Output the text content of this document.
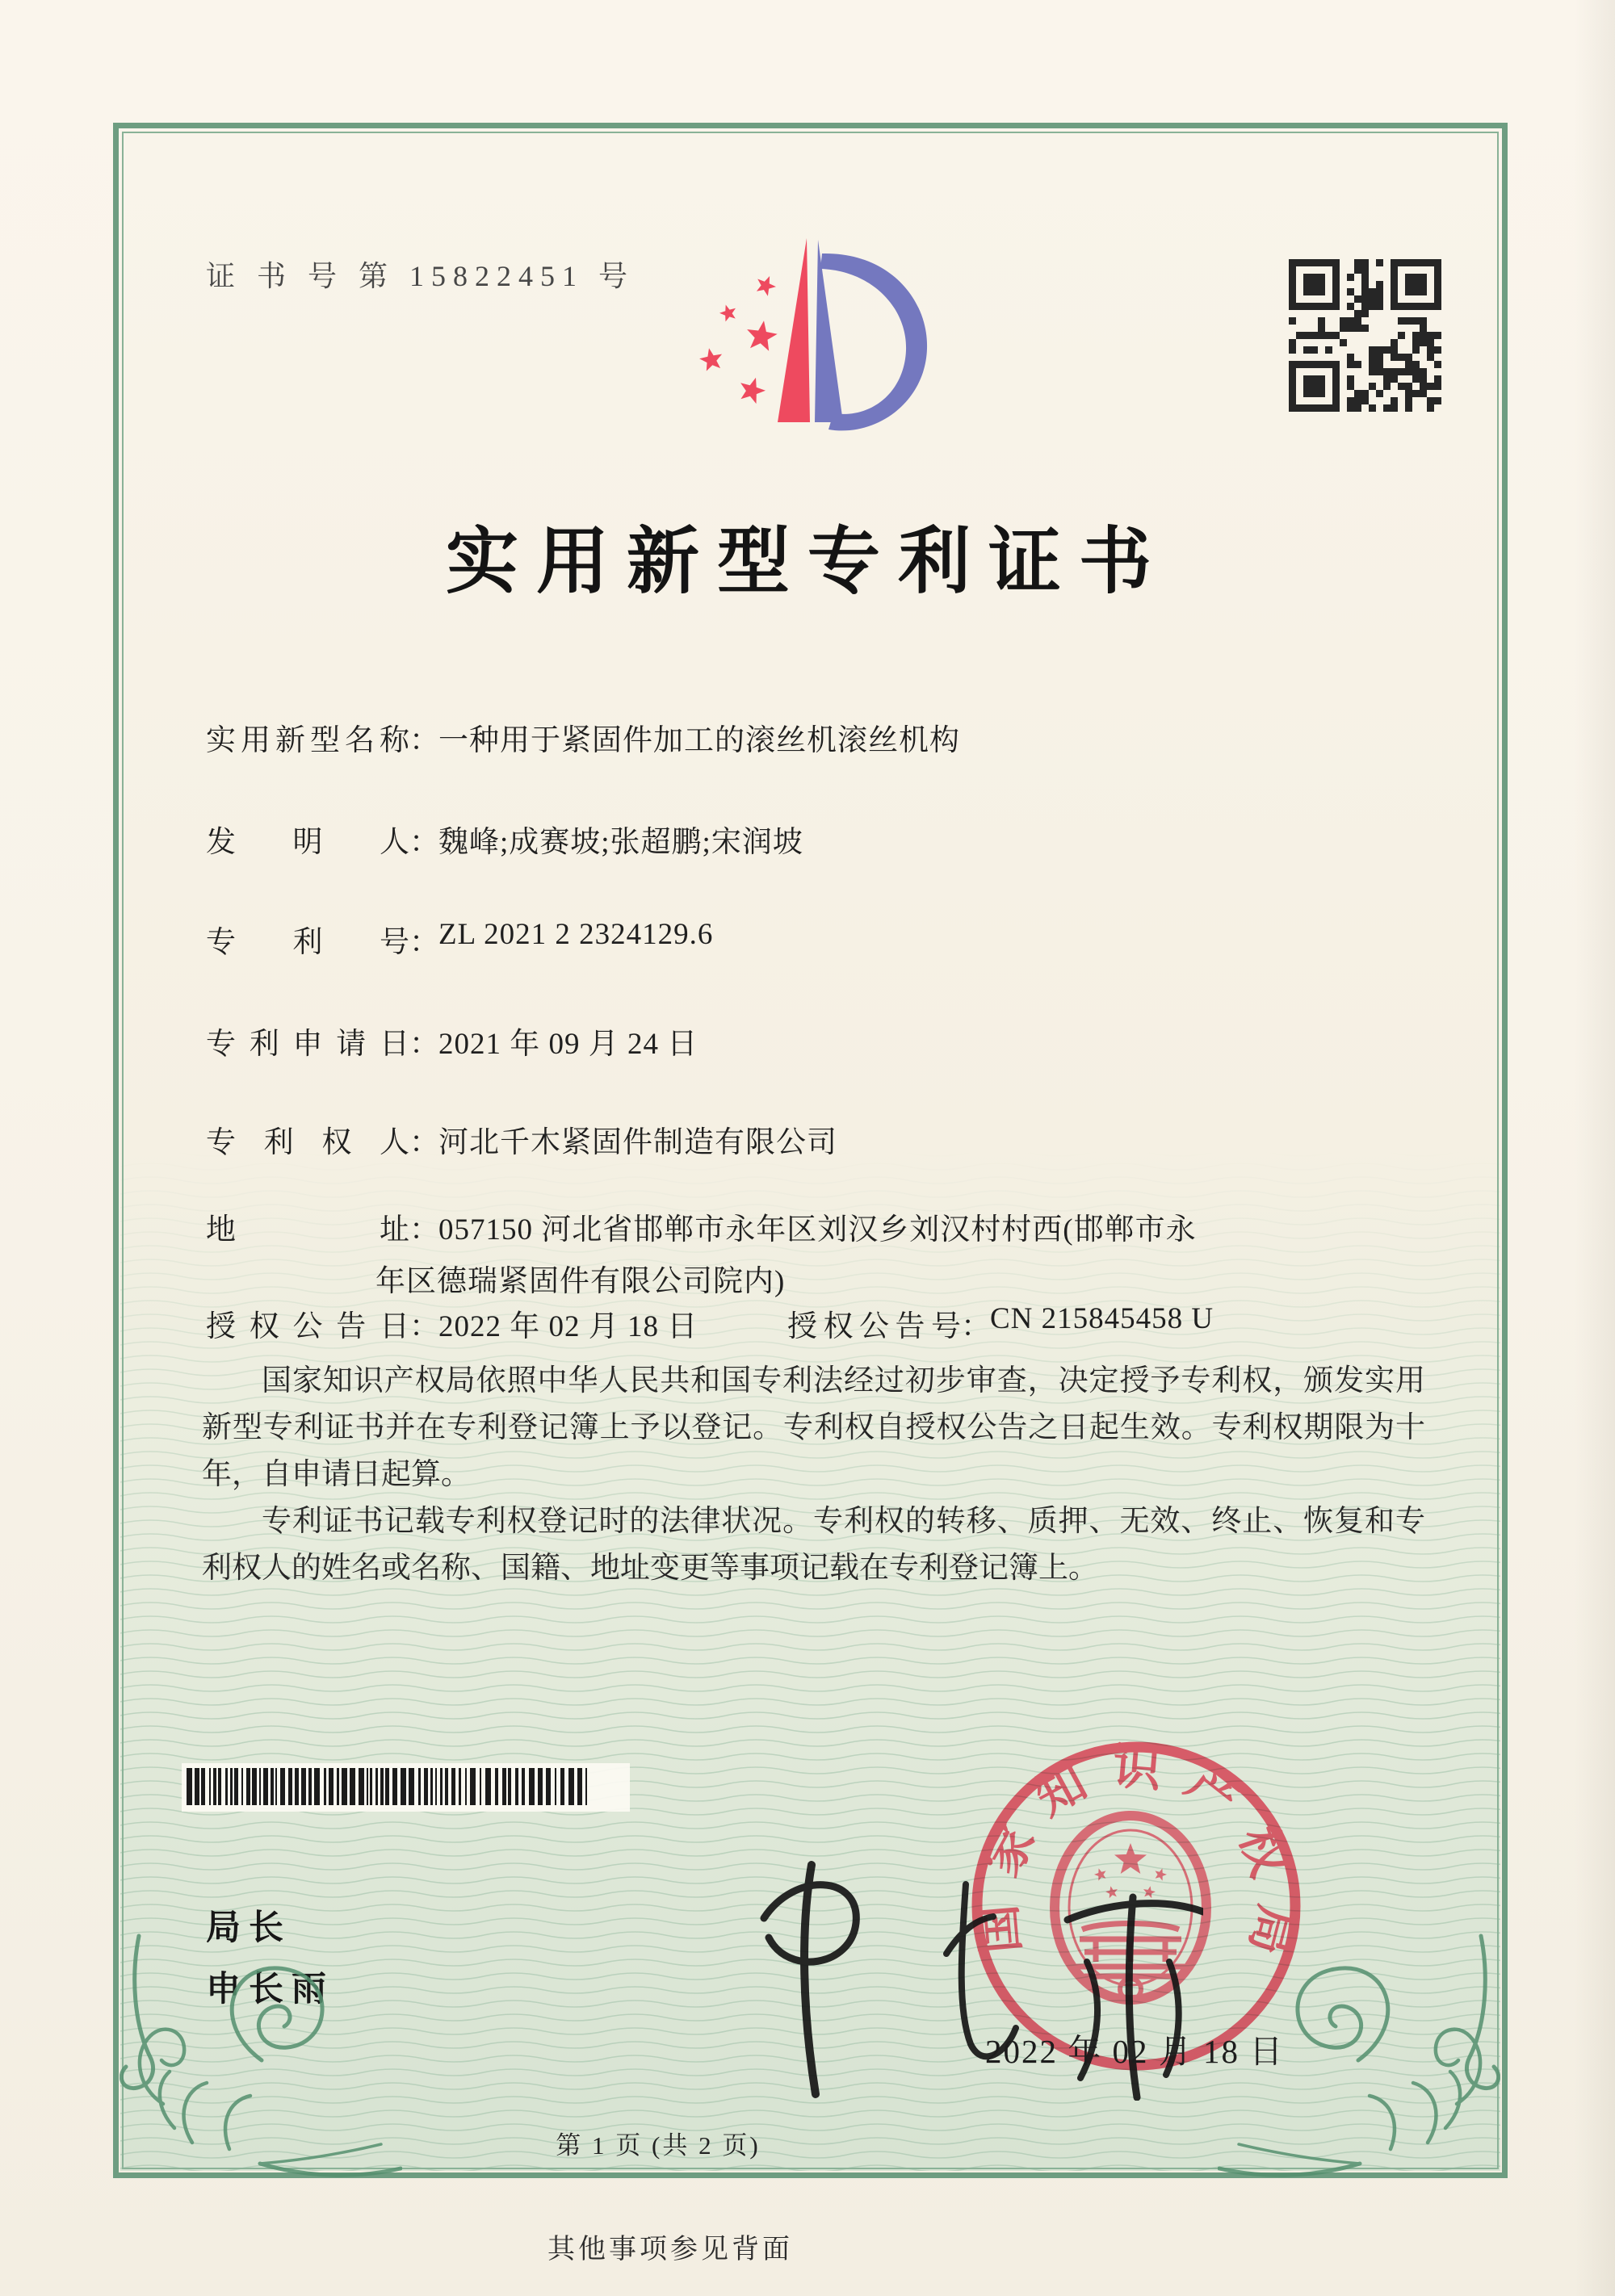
证 书 号 第 15822451 号
实用新型专利证书
实用新型名称：一种用于紧固件加工的滚丝机滚丝机构
发明人：魏峰;成赛坡;张超鹏;宋润坡
专利号：ZL 2021 2 2324129.6
专利申请日：2021 年 09 月 24 日
专利权人：河北千木紧固件制造有限公司
地址：057150 河北省邯郸市永年区刘汉乡刘汉村村西(邯郸市永
年区德瑞紧固件有限公司院内)
授权公告日：2022 年 02 月 18 日	授权公告号：CN 215845458 U

国家知识产权局依照中华人民共和国专利法经过初步审查，决定授予专利权，颁发实用新型专利证书并在专利登记簿上予以登记。专利权自授权公告之日起生效。专利权期限为十年，自申请日起算。

专利证书记载专利权登记时的法律状况。专利权的转移、质押、无效、终止、恢复和专利权人的姓名或名称、国籍、地址变更等事项记载在专利登记簿上。

局长
申长雨
国家知识产权局
2022 年 02 月 18 日
第 1 页 (共 2 页)
其他事项参见背面
